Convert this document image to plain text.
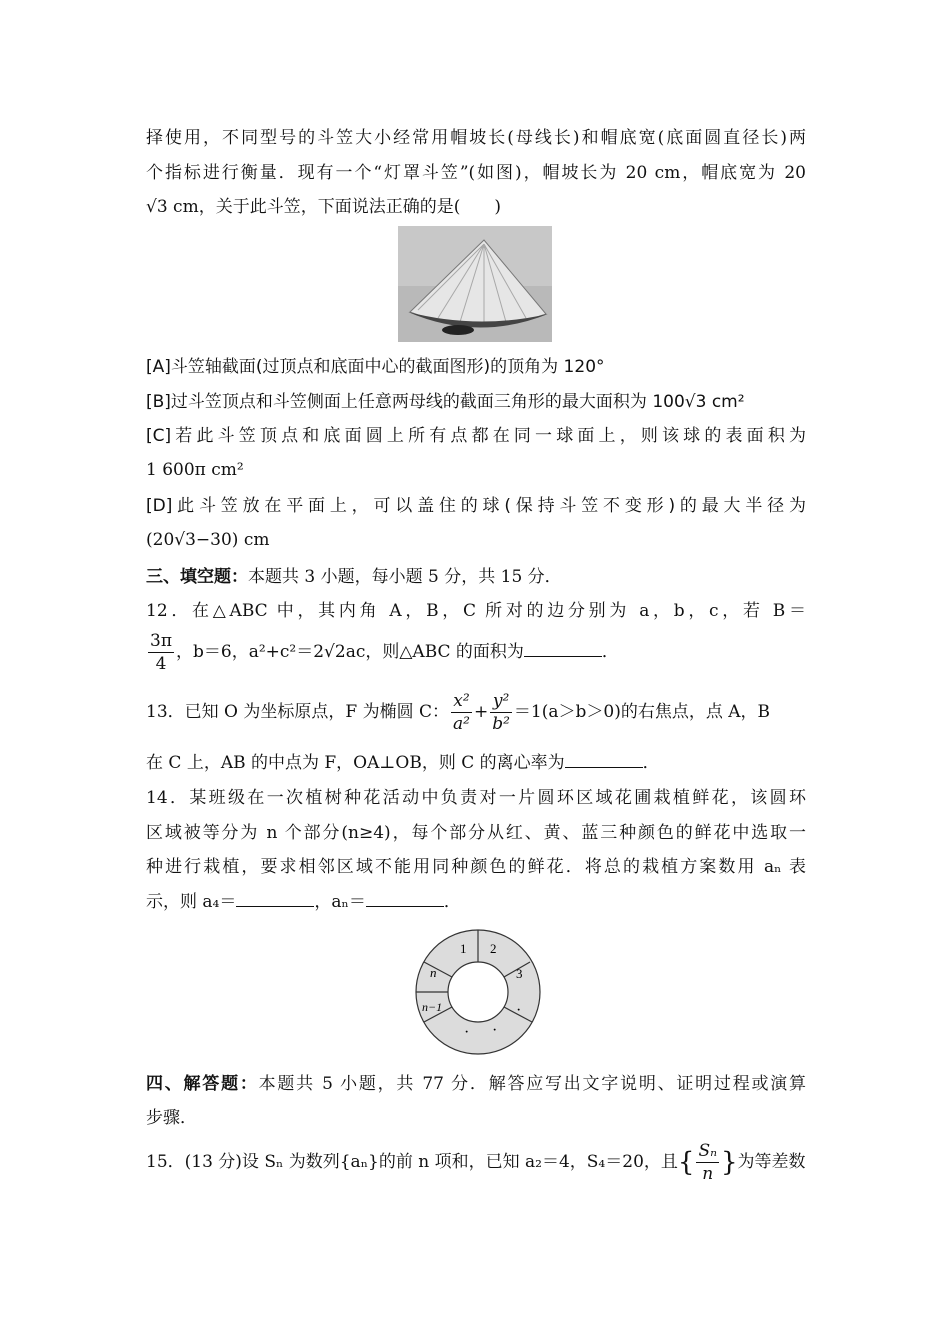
择使用，不同型号的斗笠大小经常用帽坡长(母线长)和帽底宽(底面圆直径长)两
个指标进行衡量．现有一个“灯罩斗笠”(如图)，帽坡长为 20 cm，帽底宽为 20
√3 cm，关于此斗笠，下面说法正确的是(　　)
[A]斗笠轴截面(过顶点和底面中心的截面图形)的顶角为 120°
[B]过斗笠顶点和斗笠侧面上任意两母线的截面三角形的最大面积为 100√3 cm²
[C]若此斗笠顶点和底面圆上所有点都在同一球面上，则该球的表面积为
1 600π cm²
[D]此斗笠放在平面上，可以盖住的球(保持斗笠不变形)的最大半径为
(20√3−30) cm
三、填空题：本题共 3 小题，每小题 5 分，共 15 分．
12．在△ABC 中，其内角 A，B，C 所对的边分别为 a，b，c，若 B＝
$\frac{3\pi}{4}$ ，b＝6，a²+c²＝2√2ac，则△ABC 的面积为	．
13．已知 O 为坐标原点，F 为椭圆 C： $\frac{\text{x²}}{\text{a²}} + \frac{\text{y²}}{\text{b²}} =1(a>b>0)$的右焦点，点 A，B
在 C 上，AB 的中点为 F，OA⊥OB，则 C 的离心率为	．
14．某班级在一次植树种花活动中负责对一片圆环区域花圃栽植鲜花，该圆环
区域被等分为 n 个部分(n≥4)，每个部分从红、黄、蓝三种颜色的鲜花中选取一
种进行栽植，要求相邻区域不能用同种颜色的鲜花．将总的栽植方案数用 aₙ 表
示，则 a₄＝	，aₙ＝	．
1 2
3
n
n−1	·
·
·
四、解答题：本题共 5 小题，共 77 分．解答应写出文字说明、证明过程或演算
步骤．
15．(13 分)设 Sₙ 为数列{aₙ}的前 n 项和，已知 a₂＝4，S₄＝20，且{ $\frac{\text{Sₙ}}{n}$ }为等差数
